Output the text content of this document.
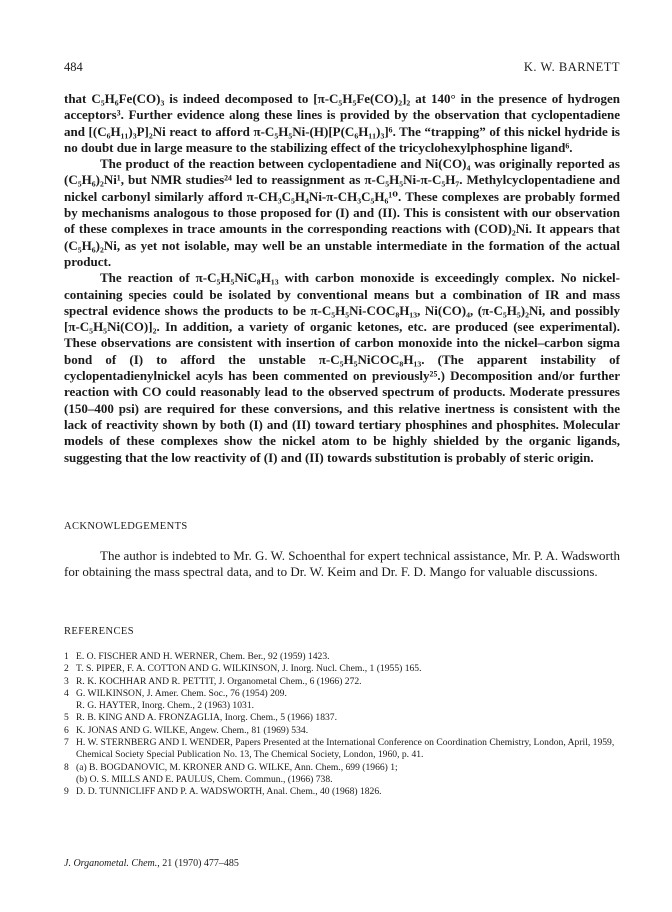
484	K. W. BARNETT

that C₅H₆Fe(CO)₃ is indeed decomposed to [π-C₅H₅Fe(CO)₂]₂ at 140° in the presence of hydrogen acceptors³. Further evidence along these lines is provided by the observation that cyclopentadiene and [(C₆H₁₁)₃P]₂Ni react to afford π-C₅H₅Ni-(H)[P(C₆H₁₁)₃]⁶. The “trapping” of this nickel hydride is no doubt due in large measure to the stabilizing effect of the tricyclohexylphosphine ligand⁶.

The product of the reaction between cyclopentadiene and Ni(CO)₄ was originally reported as (C₅H₆)₂Ni¹, but NMR studies²⁴ led to reassignment as π-C₅H₅Ni-π-C₅H₇. Methylcyclopentadiene and nickel carbonyl similarly afford π-CH₃C₅H₄Ni-π-CH₃C₅H₆¹⁰. These complexes are probably formed by mechanisms analogous to those proposed for (I) and (II). This is consistent with our observation of these complexes in trace amounts in the corresponding reactions with (COD)₂Ni. It appears that (C₅H₆)₂Ni, as yet not isolable, may well be an unstable intermediate in the formation of the actual product.

The reaction of π-C₅H₅NiC₈H₁₃ with carbon monoxide is exceedingly complex. No nickel-containing species could be isolated by conventional means but a combination of IR and mass spectral evidence shows the products to be π-C₅H₅Ni-COC₈H₁₃, Ni(CO)₄, (π-C₅H₅)₂Ni, and possibly [π-C₅H₅Ni(CO)]₂. In addition, a variety of organic ketones, etc. are produced (see experimental). These observations are consistent with insertion of carbon monoxide into the nickel–carbon sigma bond of (I) to afford the unstable π-C₅H₅NiCOC₈H₁₃. (The apparent instability of cyclopentadienylnickel acyls has been commented on previously²⁵.) Decomposition and/or further reaction with CO could reasonably lead to the observed spectrum of products. Moderate pressures (150–400 psi) are required for these conversions, and this relative inertness is consistent with the lack of reactivity shown by both (I) and (II) toward tertiary phosphines and phosphites. Molecular models of these complexes show the nickel atom to be highly shielded by the organic ligands, suggesting that the low reactivity of (I) and (II) towards substitution is probably of steric origin.

ACKNOWLEDGEMENTS

The author is indebted to Mr. G. W. Schoenthal for expert technical assistance, Mr. P. A. Wadsworth for obtaining the mass spectral data, and to Dr. W. Keim and Dr. F. D. Mango for valuable discussions.

REFERENCES
1 E. O. FISCHER AND H. WERNER, Chem. Ber., 92 (1959) 1423.
2 T. S. PIPER, F. A. COTTON AND G. WILKINSON, J. Inorg. Nucl. Chem., 1 (1955) 165.
3 R. K. KOCHHAR AND R. PETTIT, J. Organometal Chem., 6 (1966) 272.
4 G. WILKINSON, J. Amer. Chem. Soc., 76 (1954) 209.
R. G. HAYTER, Inorg. Chem., 2 (1963) 1031.
5 R. B. KING AND A. FRONZAGLIA, Inorg. Chem., 5 (1966) 1837.
6 K. JONAS AND G. WILKE, Angew. Chem., 81 (1969) 534.
7 H. W. STERNBERG AND I. WENDER, Papers Presented at the International Conference on Coordination Chemistry, London, April, 1959, Chemical Society Special Publication No. 13, The Chemical Society, London, 1960, p. 41.
8 (a) B. BOGDANOVIC, M. KRONER AND G. WILKE, Ann. Chem., 699 (1966) 1;
(b) O. S. MILLS AND E. PAULUS, Chem. Commun., (1966) 738.
9 D. D. TUNNICLIFF AND P. A. WADSWORTH, Anal. Chem., 40 (1968) 1826.
J. Organometal. Chem., 21 (1970) 477–485
